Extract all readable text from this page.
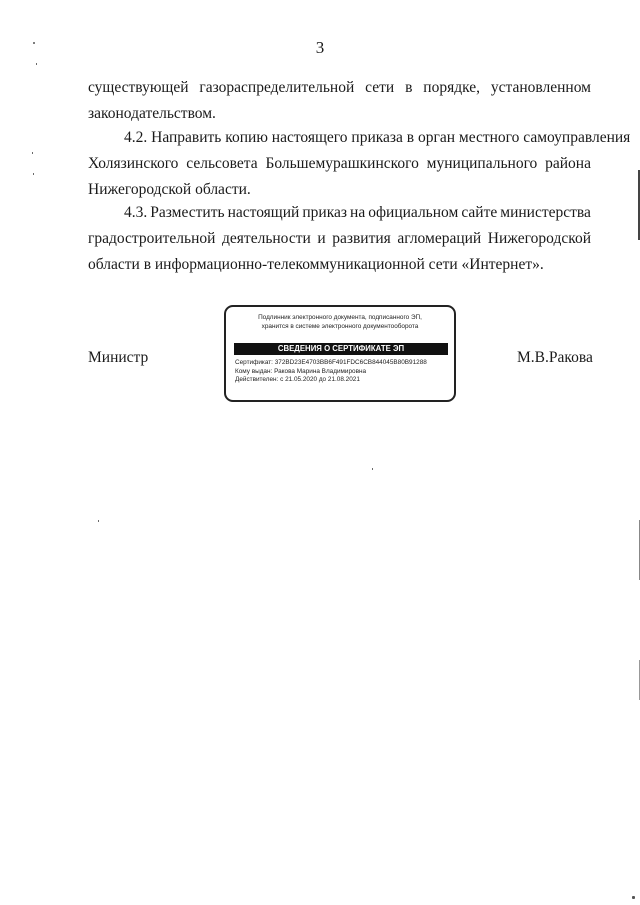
3
существующей газораспределительной сети в порядке, установленном
законодательством.
4.2. Направить копию настоящего приказа в орган местного самоуправления
Холязинского сельсовета Большемурашкинского муниципального района
Нижегородской области.
4.3. Разместить настоящий приказ на официальном сайте министерства
градостроительной деятельности и развития агломераций Нижегородской
области в информационно-телекоммуникационной сети «Интернет».
Министр
Подлинник электронного документа, подписанного ЭП,
хранится в системе электронного документооборота
СВЕДЕНИЯ О СЕРТИФИКАТЕ ЭП
Сертификат: 372BD23E4703BB6F491FDC6CB844045B80B91288
Кому выдан: Ракова Марина Владимировна
Действителен: с 21.05.2020 до 21.08.2021
М.В.Ракова
